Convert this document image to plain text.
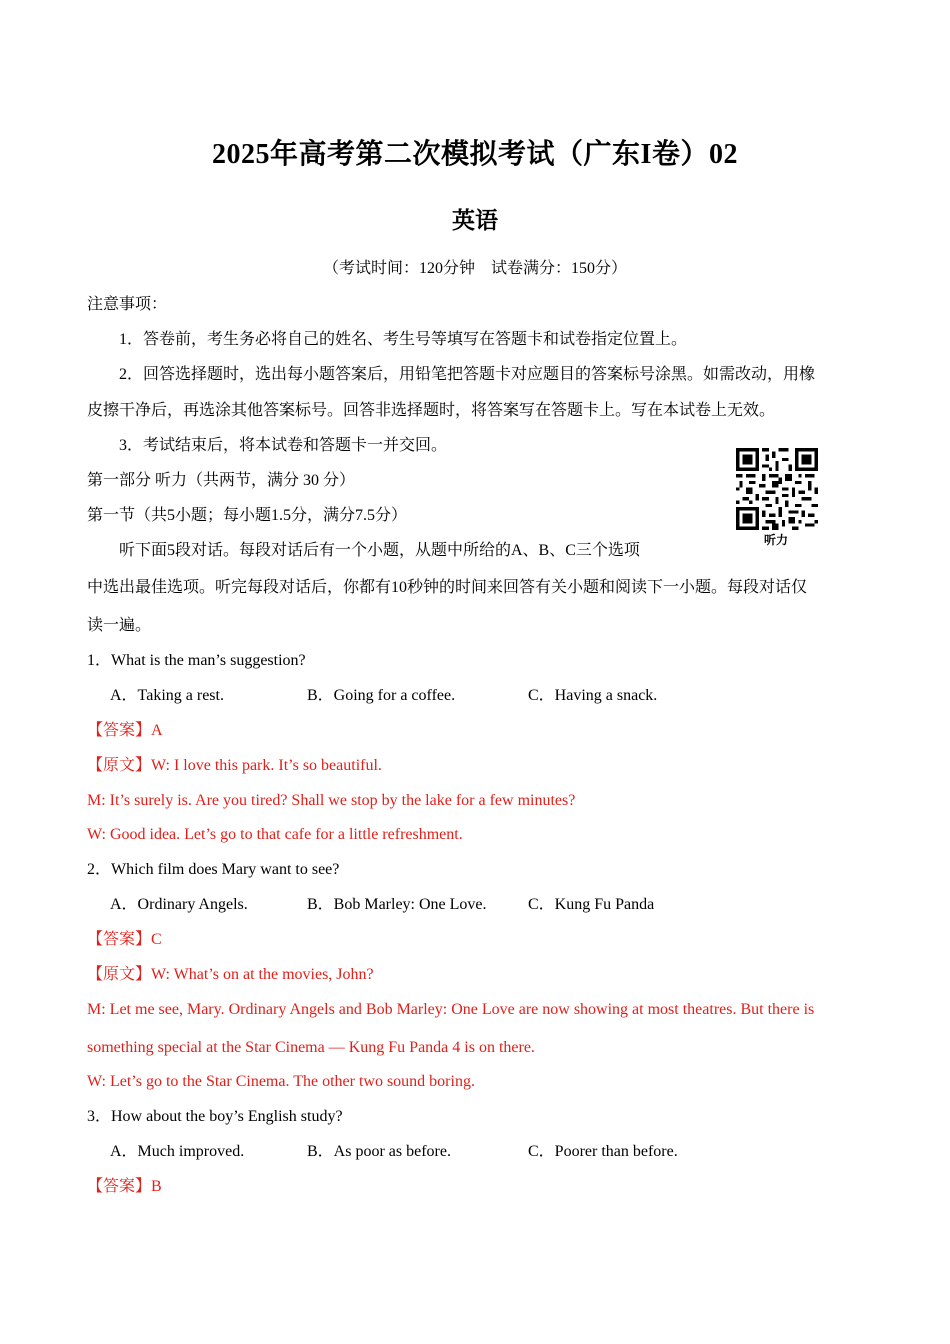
2025年高考第二次模拟考试（广东I卷）02
英语
（考试时间：120分钟　试卷满分：150分）
注意事项：
1．答卷前，考生务必将自己的姓名、考生号等填写在答题卡和试卷指定位置上。
2．回答选择题时，选出每小题答案后，用铅笔把答题卡对应题目的答案标号涂黑。如需改动，用橡
皮擦干净后，再选涂其他答案标号。回答非选择题时，将答案写在答题卡上。写在本试卷上无效。
3．考试结束后，将本试卷和答题卡一并交回。
第一部分 听力（共两节，满分 30 分）
第一节（共5小题；每小题1.5分，满分7.5分）
听下面5段对话。每段对话后有一个小题，从题中所给的A、B、C三个选项
中选出最佳选项。听完每段对话后，你都有10秒钟的时间来回答有关小题和阅读下一小题。每段对话仅
读一遍。
听力
1．What is the man’s suggestion?
A．Taking a rest.	B．Going for a coffee.	C．Having a snack.
【答案】A
【原文】W: I love this park. It’s so beautiful.
M: It’s surely is. Are you tired? Shall we stop by the lake for a few minutes?
W: Good idea. Let’s go to that cafe for a little refreshment.
2．Which film does Mary want to see?
A．Ordinary Angels.	B．Bob Marley: One Love.	C．Kung Fu Panda
【答案】C
【原文】W: What’s on at the movies, John?
M: Let me see, Mary. Ordinary Angels and Bob Marley: One Love are now showing at most theatres. But there is
something special at the Star Cinema — Kung Fu Panda 4 is on there.
W: Let’s go to the Star Cinema. The other two sound boring.
3．How about the boy’s English study?
A．Much improved.	B．As poor as before.	C．Poorer than before.
【答案】B
